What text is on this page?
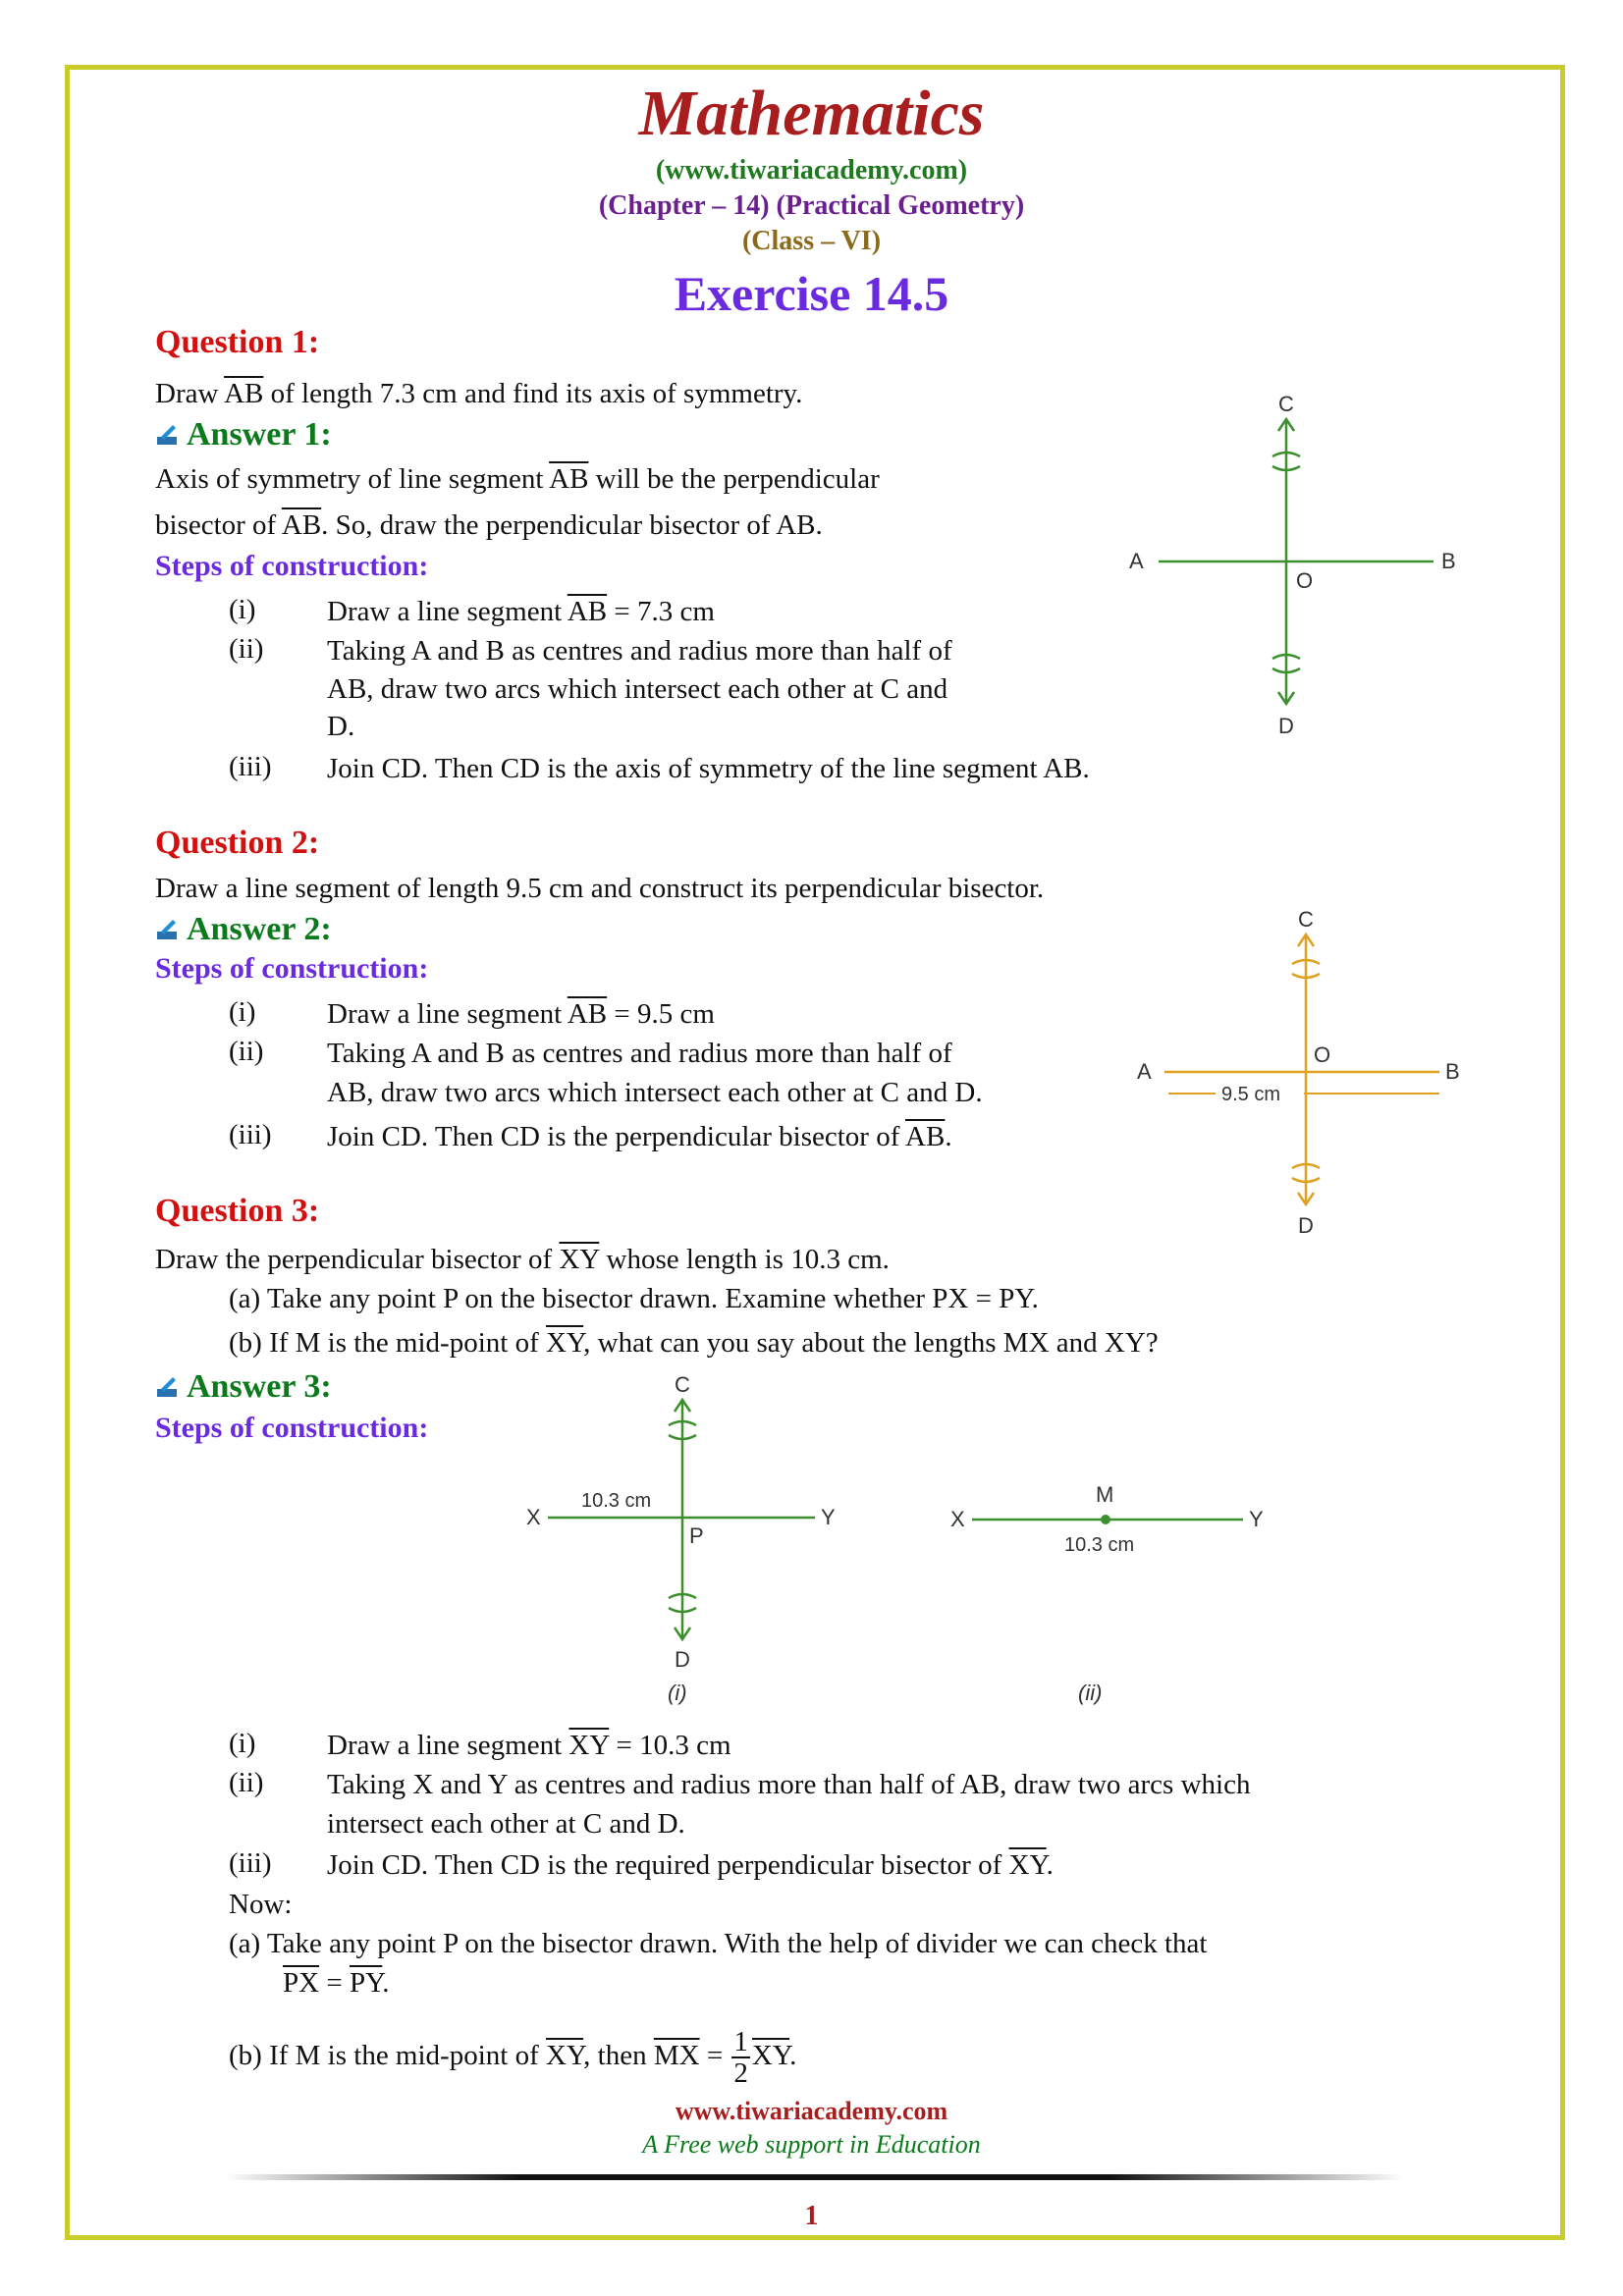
Mathematics
(www.tiwariacademy.com)
(Chapter – 14) (Practical Geometry)
(Class – VI)
Exercise 14.5
Question 1:
Draw $\overline{AB}$ of length 7.3 cm and find its axis of symmetry.
Answer 1:
Axis of symmetry of line segment $\overline{AB}$ will be the perpendicular
bisector of $\overline{AB}$. So, draw the perpendicular bisector of AB.
Steps of construction:
(i)	Draw a line segment $\overline{AB} = 7.3$ cm
(ii) Taking A and B as centres and radius more than half of
AB, draw two arcs which intersect each other at C and
D.
(iii) Join CD. Then CD is the axis of symmetry of the line segment AB.
C
D
A	B
O
Question 2:
Draw a line segment of length 9.5 cm and construct its perpendicular bisector.
Answer 2:
Steps of construction:
(i)	Draw a line segment $\overline{AB} = 9.5$ cm
(ii) Taking A and B as centres and radius more than half of
AB, draw two arcs which intersect each other at C and D.
(iii) Join CD. Then CD is the perpendicular bisector of $\overline{AB}$.
C
D
A	B
O
9.5 cm
Question 3:
Draw the perpendicular bisector of $\overline{XY}$ whose length is 10.3 cm.
(a) Take any point P on the bisector drawn. Examine whether PX = PY.
(b) If M is the mid-point of $\overline{XY}$, what can you say about the lengths MX and XY?
Answer 3:
Steps of construction:
C
D
X	Y
P
10.3 cm
(i)
X	Y
M
10.3 cm
(ii)
(i)	Draw a line segment $\overline{XY} = 10.3$ cm
(ii) Taking X and Y as centres and radius more than half of AB, draw two arcs which
intersect each other at C and D.
(iii) Join CD. Then CD is the required perpendicular bisector of $\overline{XY}$.
Now:
(a) Take any point P on the bisector drawn. With the help of divider we can check that
$\overline{PX} = \overline{PY}$.
(b) If M is the mid-point of $\overline{XY}$, then $\overline{MX} = \frac{1}{2} \overline{XY}$.
www.tiwariacademy.com
A Free web support in Education
1
